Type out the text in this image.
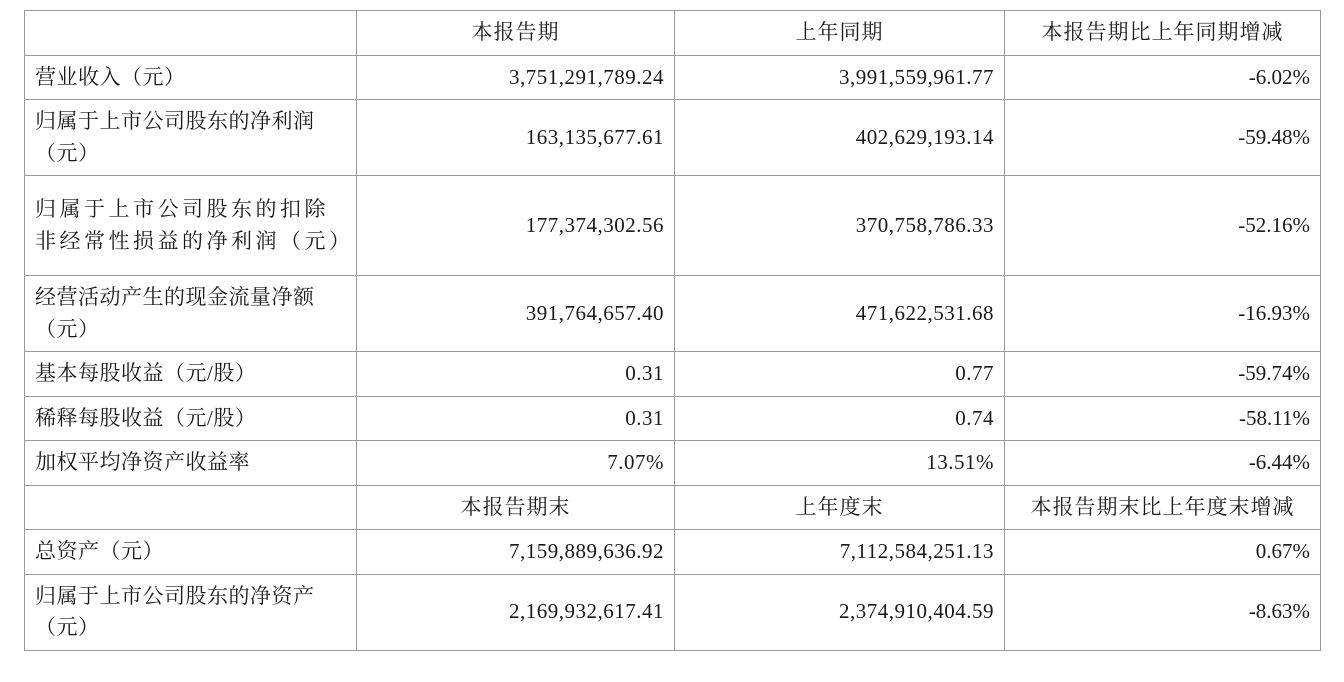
	本报告期	上年同期	本报告期比上年同期增减
营业收入（元）	3,751,291,789.24	3,991,559,961.77	-6.02%
归属于上市公司股东的净利润（元）	163,135,677.61	402,629,193.14	-59.48%
归属于上市公司股东的扣除非经常性损益的净利润（元）	177,374,302.56	370,758,786.33	-52.16%
经营活动产生的现金流量净额（元）	391,764,657.40	471,622,531.68	-16.93%
基本每股收益（元/股）	0.31	0.77	-59.74%
稀释每股收益（元/股）	0.31	0.74	-58.11%
加权平均净资产收益率	7.07%	13.51%	-6.44%
	本报告期末	上年度末	本报告期末比上年度末增减
总资产（元）	7,159,889,636.92	7,112,584,251.13	0.67%
归属于上市公司股东的净资产（元）	2,169,932,617.41	2,374,910,404.59	-8.63%
